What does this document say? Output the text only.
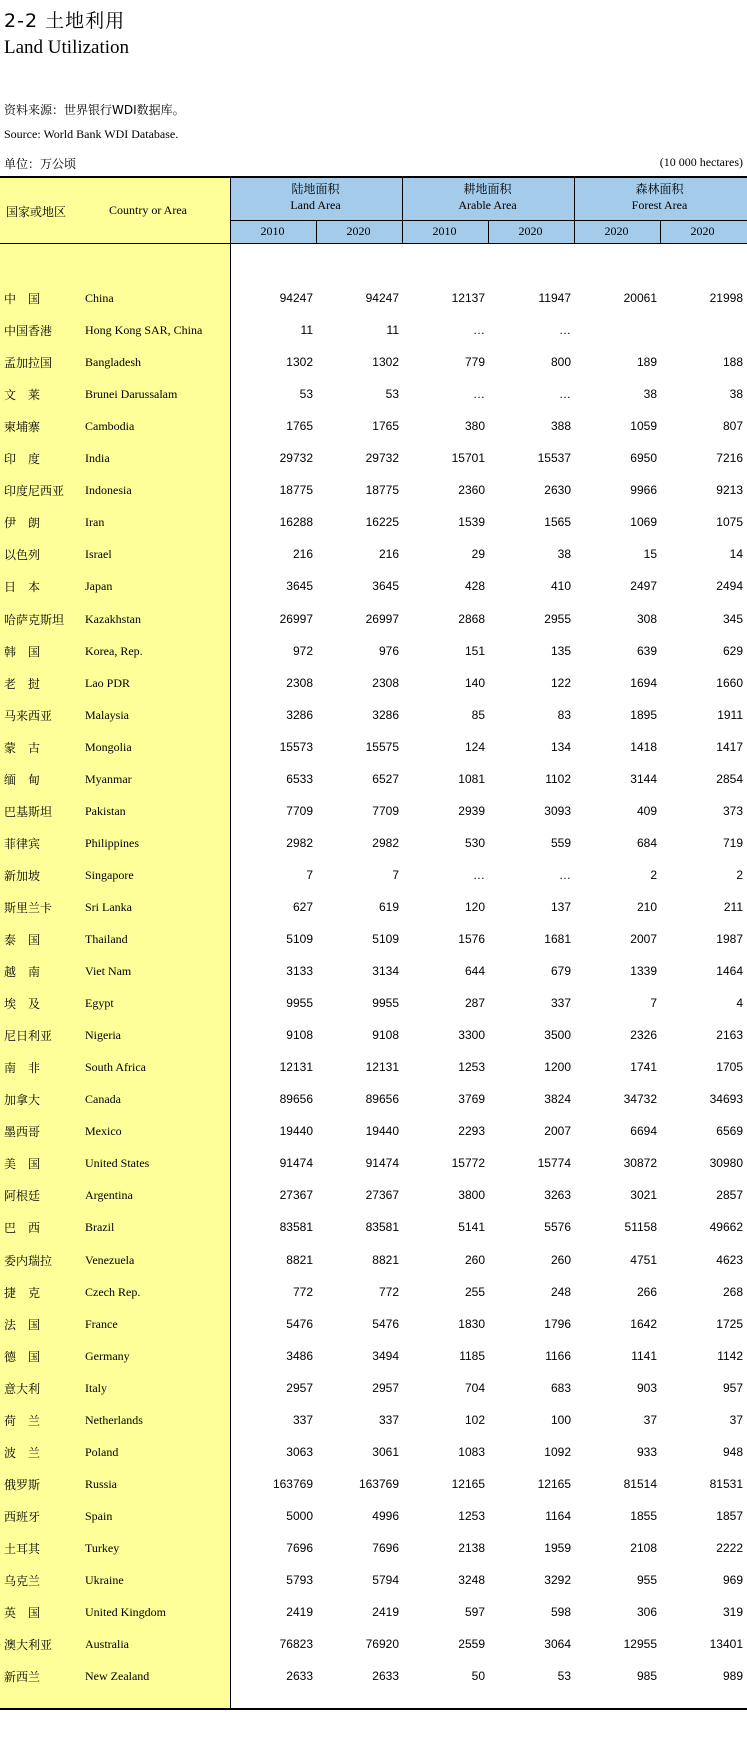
2-2 土地利用
Land Utilization
资料来源：世界银行WDI数据库。
Source: World Bank WDI Database.
单位：万公顷	(10 000 hectares)
国家或地区	Country or Area
陆地面积
Land Area
耕地面积
Arable Area
森林面积
Forest Area
2010	2020	2010	2020	2020	2020
中　国	China	94247	94247	12137	11947	20061	21998
中国香港	Hong Kong SAR, China	11	11	…	…
孟加拉国	Bangladesh	1302	1302	779	800	189	188
文　莱	Brunei Darussalam	53	53	…	…	38	38
柬埔寨	Cambodia	1765	1765	380	388	1059	807
印　度	India	29732	29732	15701	15537	6950	7216
印度尼西亚 Indonesia	18775	18775	2360	2630	9966	9213
伊　朗	Iran	16288	16225	1539	1565	1069	1075
以色列	Israel	216	216	29	38	15	14
日　本	Japan	3645	3645	428	410	2497	2494
哈萨克斯坦 Kazakhstan	26997	26997	2868	2955	308	345
韩　国	Korea, Rep.	972	976	151	135	639	629
老　挝	Lao PDR	2308	2308	140	122	1694	1660
马来西亚	Malaysia	3286	3286	85	83	1895	1911
蒙　古	Mongolia	15573	15575	124	134	1418	1417
缅　甸	Myanmar	6533	6527	1081	1102	3144	2854
巴基斯坦	Pakistan	7709	7709	2939	3093	409	373
菲律宾	Philippines	2982	2982	530	559	684	719
新加坡	Singapore	7	7	…	…	2	2
斯里兰卡	Sri Lanka	627	619	120	137	210	211
泰　国	Thailand	5109	5109	1576	1681	2007	1987
越　南	Viet Nam	3133	3134	644	679	1339	1464
埃　及	Egypt	9955	9955	287	337	7	4
尼日利亚	Nigeria	9108	9108	3300	3500	2326	2163
南　非	South Africa	12131	12131	1253	1200	1741	1705
加拿大	Canada	89656	89656	3769	3824	34732	34693
墨西哥	Mexico	19440	19440	2293	2007	6694	6569
美　国	United States	91474	91474	15772	15774	30872	30980
阿根廷	Argentina	27367	27367	3800	3263	3021	2857
巴　西	Brazil	83581	83581	5141	5576	51158	49662
委内瑞拉	Venezuela	8821	8821	260	260	4751	4623
捷　克	Czech Rep.	772	772	255	248	266	268
法　国	France	5476	5476	1830	1796	1642	1725
德　国	Germany	3486	3494	1185	1166	1141	1142
意大利	Italy	2957	2957	704	683	903	957
荷　兰	Netherlands	337	337	102	100	37	37
波　兰	Poland	3063	3061	1083	1092	933	948
俄罗斯	Russia	163769	163769	12165	12165	81514	81531
西班牙	Spain	5000	4996	1253	1164	1855	1857
土耳其	Turkey	7696	7696	2138	1959	2108	2222
乌克兰	Ukraine	5793	5794	3248	3292	955	969
英　国	United Kingdom	2419	2419	597	598	306	319
澳大利亚	Australia	76823	76920	2559	3064	12955	13401
新西兰	New Zealand	2633	2633	50	53	985	989
